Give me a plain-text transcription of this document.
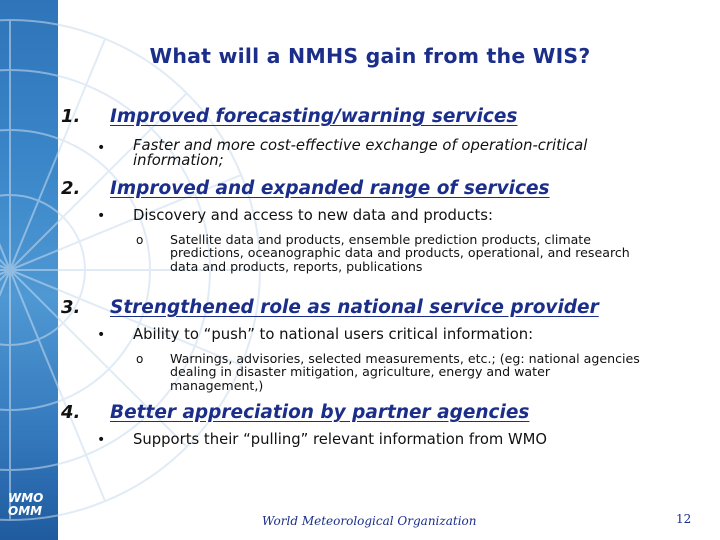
WMO
OMM
What will a NMHS gain from the WIS?
1. Improved forecasting/warning services
• Faster and more cost-effective exchange of operation-critical information;
2. Improved and expanded range of services
• Discovery and access to new data and products:
o Satellite data and products, ensemble prediction products, climate predictions, oceanographic data and products, operational, and research data and products, reports, publications
3. Strengthened role as national service provider
• Ability to “push” to national users critical information:
o Warnings, advisories, selected measurements, etc.; (eg: national agencies dealing in disaster mitigation, agriculture, energy and water management,)
4. Better appreciation by partner agencies
• Supports their “pulling” relevant information from WMO
World Meteorological Organization	12
